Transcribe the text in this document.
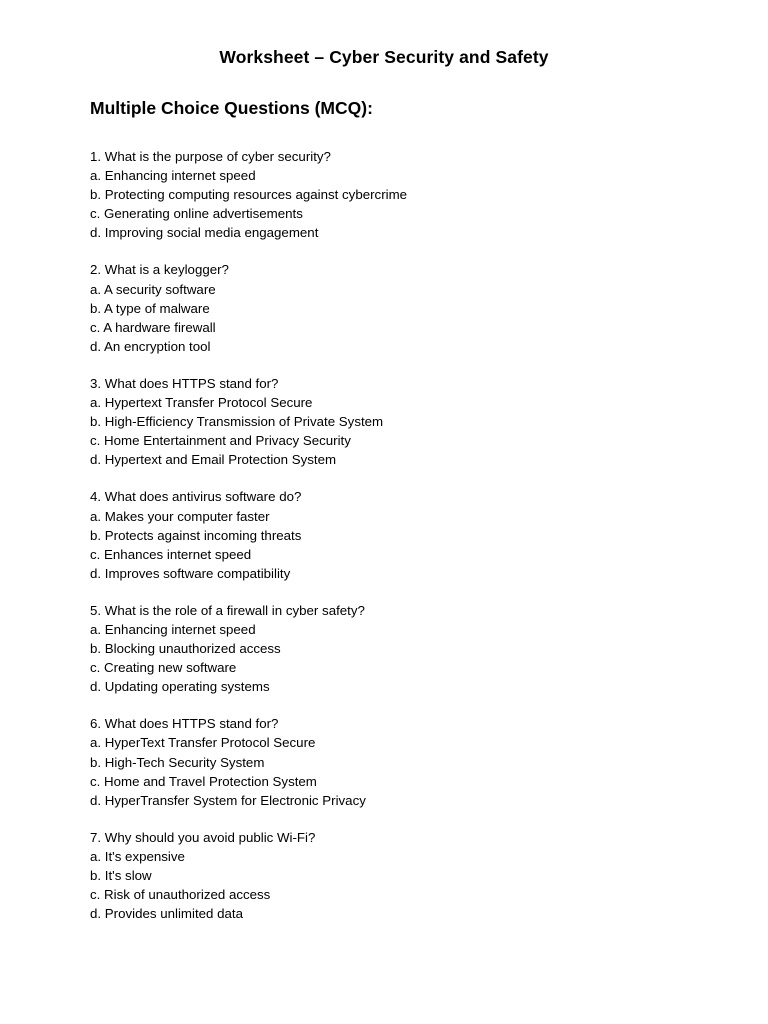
Worksheet – Cyber Security and Safety
Multiple Choice Questions (MCQ):
1. What is the purpose of cyber security?
a. Enhancing internet speed
b. Protecting computing resources against cybercrime
c. Generating online advertisements
d. Improving social media engagement
2. What is a keylogger?
a. A security software
b. A type of malware
c. A hardware firewall
d. An encryption tool
3. What does HTTPS stand for?
a. Hypertext Transfer Protocol Secure
b. High-Efficiency Transmission of Private System
c. Home Entertainment and Privacy Security
d. Hypertext and Email Protection System
4. What does antivirus software do?
a. Makes your computer faster
b. Protects against incoming threats
c. Enhances internet speed
d. Improves software compatibility
5. What is the role of a firewall in cyber safety?
a. Enhancing internet speed
b. Blocking unauthorized access
c. Creating new software
d. Updating operating systems
6. What does HTTPS stand for?
a. HyperText Transfer Protocol Secure
b. High-Tech Security System
c. Home and Travel Protection System
d. HyperTransfer System for Electronic Privacy
7. Why should you avoid public Wi-Fi?
a. It's expensive
b. It's slow
c. Risk of unauthorized access
d. Provides unlimited data
